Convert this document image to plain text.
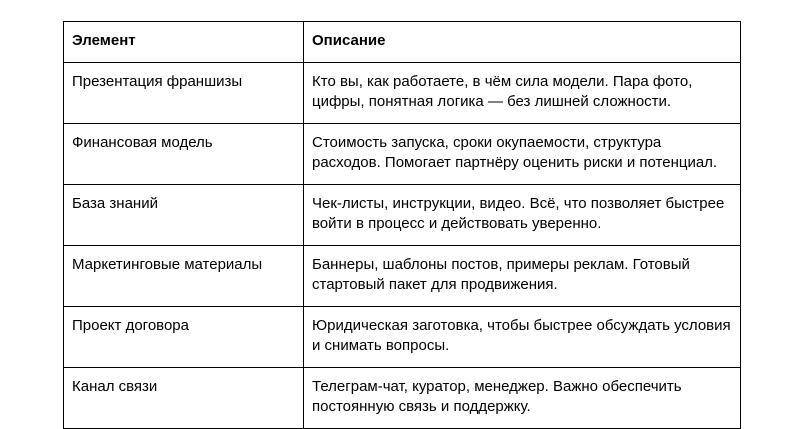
Элемент	Описание
Презентация франшизы	Кто вы, как работаете, в чём сила модели. Пара фото, цифры, понятная логика — без лишней сложности.
Финансовая модель	Стоимость запуска, сроки окупаемости, структура расходов. Помогает партнёру оценить риски и потенциал.
База знаний	Чек-листы, инструкции, видео. Всё, что позволяет быстрее войти в процесс и действовать уверенно.
Маркетинговые материалы	Баннеры, шаблоны постов, примеры реклам. Готовый стартовый пакет для продвижения.
Проект договора	Юридическая заготовка, чтобы быстрее обсуждать условия и снимать вопросы.
Канал связи	Телеграм-чат, куратор, менеджер. Важно обеспечить постоянную связь и поддержку.
